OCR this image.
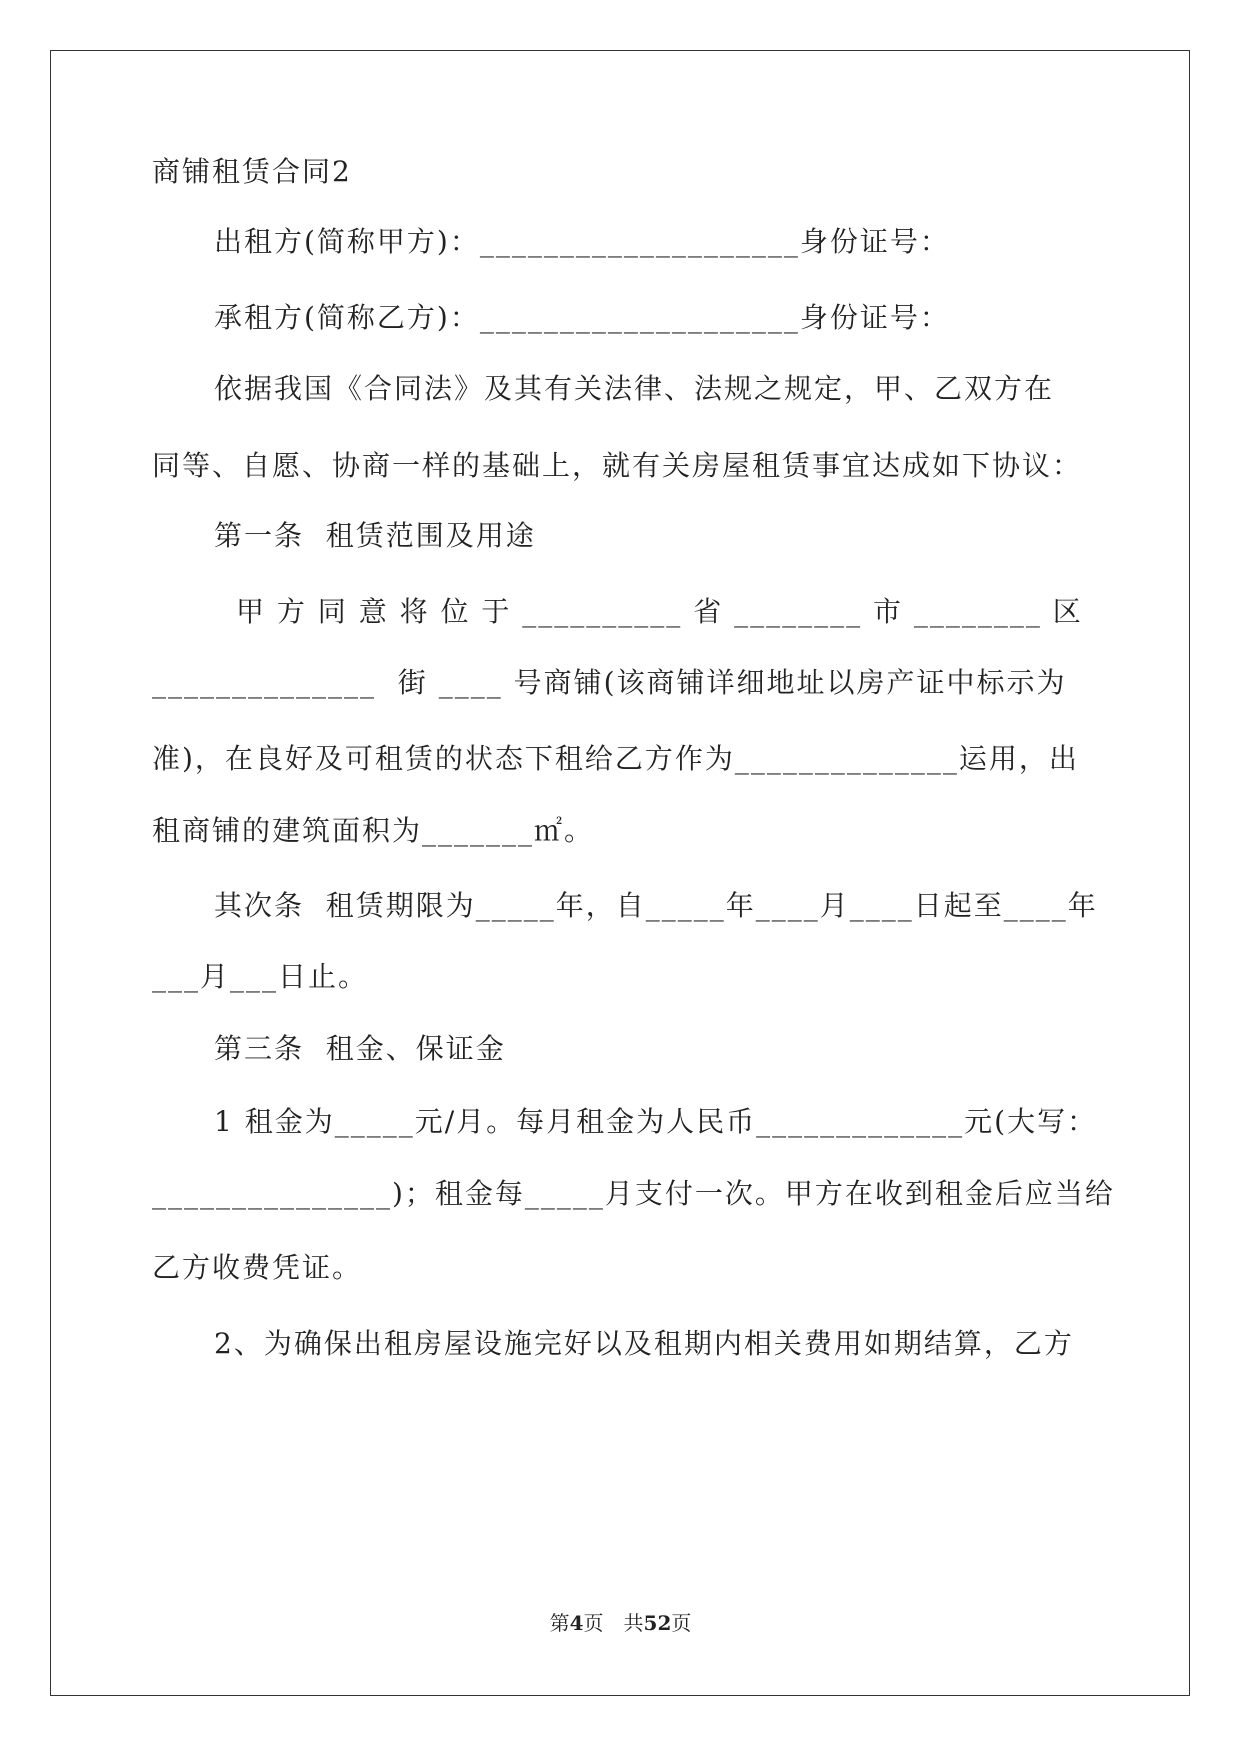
商铺租赁合同2
出租方(简称甲方)：____________________身份证号：
承租方(简称乙方)：____________________身份证号：
依据我国《合同法》及其有关法律、法规之规定，甲、乙双方在
同等、自愿、协商一样的基础上，就有关房屋租赁事宜达成如下协议：
第一条  租赁范围及用途
甲 方 同 意 将 位 于 __________ 省 ________ 市 ________ 区
______________  街 ____ 号商铺(该商铺详细地址以房产证中标示为
准)，在良好及可租赁的状态下租给乙方作为______________运用，出
租商铺的建筑面积为_______㎡。
其次条  租赁期限为_____年，自_____年____月____日起至____年
___月___日止。
第三条  租金、保证金
1 租金为_____元/月。每月租金为人民币_____________元(大写：
_______________)；租金每_____月支付一次。甲方在收到租金后应当给
乙方收费凭证。
2、为确保出租房屋设施完好以及租期内相关费用如期结算，乙方
第4页　共52页
